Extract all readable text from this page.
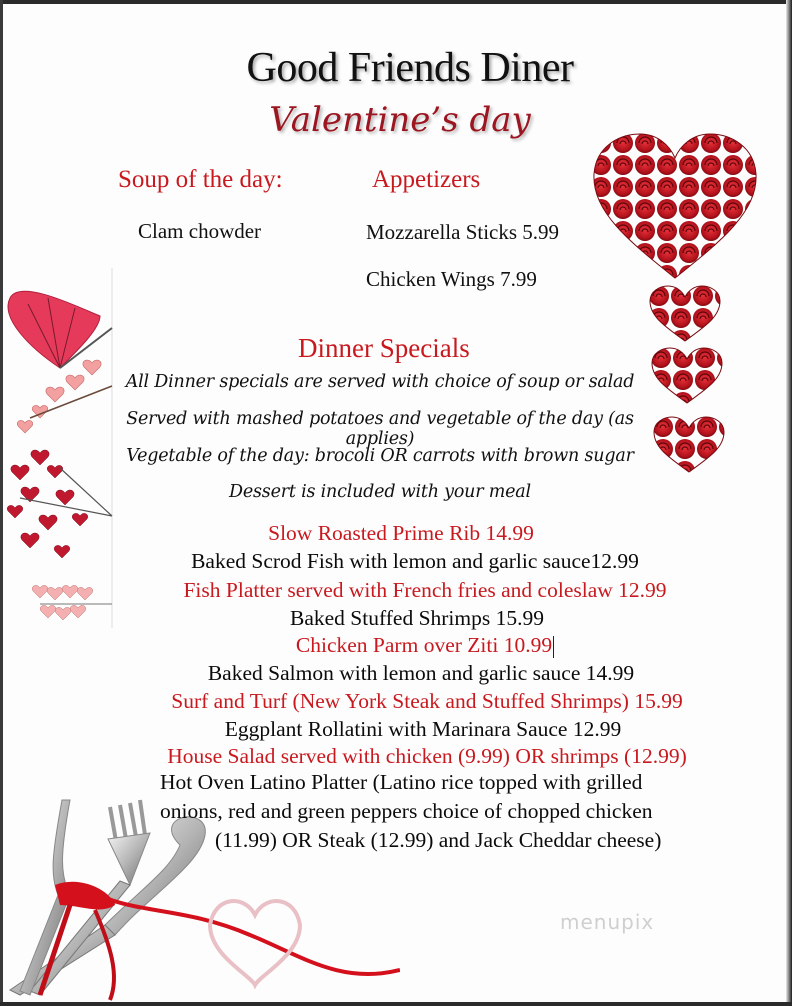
Good Friends Diner
Valentine’s day
Soup of the day:
Clam chowder
Appetizers
Mozzarella Sticks 5.99
Chicken Wings 7.99
Dinner Specials
All Dinner specials are served with choice of soup or salad
Served with mashed potatoes and vegetable of the day (as applies)
Vegetable of the day: brocoli OR carrots with brown sugar
Dessert is included with your meal
Slow Roasted Prime Rib 14.99
Baked Scrod Fish with lemon and garlic sauce12.99
Fish Platter served with French fries and coleslaw 12.99
Baked Stuffed Shrimps 15.99
Chicken Parm over Ziti 10.99
Baked Salmon with lemon and garlic sauce 14.99
Surf and Turf (New York Steak and Stuffed Shrimps) 15.99
Eggplant Rollatini with Marinara Sauce 12.99
House Salad served with chicken (9.99) OR shrimps (12.99)
Hot Oven Latino Platter (Latino rice topped with grilled
onions, red and green peppers choice of chopped chicken
(11.99) OR Steak (12.99) and Jack Cheddar cheese)
menupix
